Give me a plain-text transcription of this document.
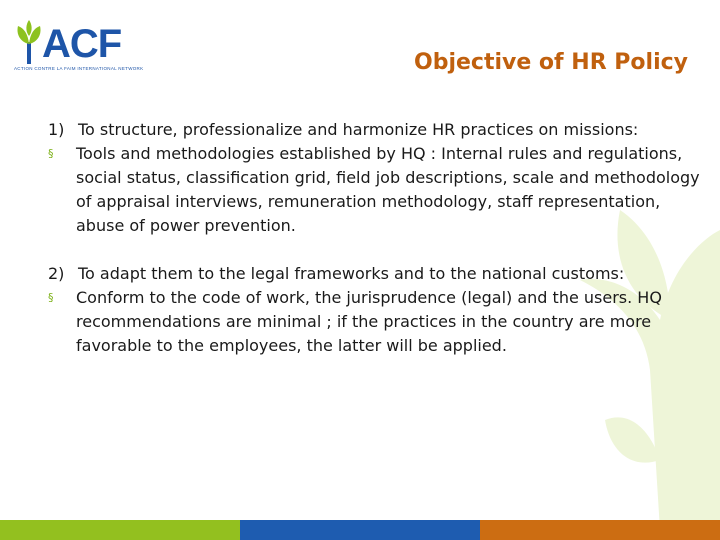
ACF
ACTION CONTRE LA FAIM INTERNATIONAL NETWORK	Objective of HR Policy
1) To structure, professionalize and harmonize HR practices on missions:
§	Tools and methodologies established by HQ : Internal rules and regulations, social status, classification grid, field job descriptions, scale and methodology of appraisal interviews, remuneration methodology, staff representation, abuse of power prevention.
2) To adapt them to the legal frameworks and to the national customs:
§	Conform to the code of work, the jurisprudence (legal) and the users. HQ recommendations are minimal ; if the practices in the country are more favorable to the employees, the latter will be applied.
